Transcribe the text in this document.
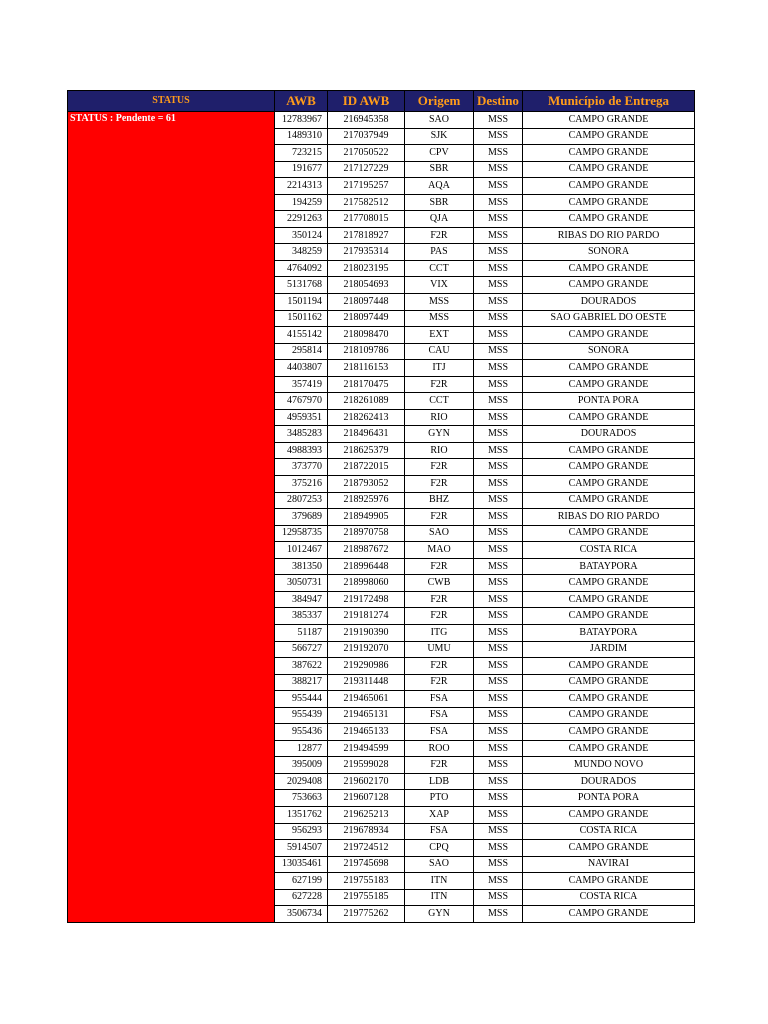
STATUS	AWB	ID AWB	Origem	Destino	Município de Entrega
STATUS : Pendente = 61	12783967	216945358	SAO	MSS	CAMPO GRANDE
	1489310	217037949	SJK	MSS	CAMPO GRANDE
	723215	217050522	CPV	MSS	CAMPO GRANDE
	191677	217127229	SBR	MSS	CAMPO GRANDE
	2214313	217195257	AQA	MSS	CAMPO GRANDE
	194259	217582512	SBR	MSS	CAMPO GRANDE
	2291263	217708015	QJA	MSS	CAMPO GRANDE
	350124	217818927	F2R	MSS	RIBAS DO RIO PARDO
	348259	217935314	PAS	MSS	SONORA
	4764092	218023195	CCT	MSS	CAMPO GRANDE
	5131768	218054693	VIX	MSS	CAMPO GRANDE
	1501194	218097448	MSS	MSS	DOURADOS
	1501162	218097449	MSS	MSS	SAO GABRIEL DO OESTE
	4155142	218098470	EXT	MSS	CAMPO GRANDE
	295814	218109786	CAU	MSS	SONORA
	4403807	218116153	ITJ	MSS	CAMPO GRANDE
	357419	218170475	F2R	MSS	CAMPO GRANDE
	4767970	218261089	CCT	MSS	PONTA PORA
	4959351	218262413	RIO	MSS	CAMPO GRANDE
	3485283	218496431	GYN	MSS	DOURADOS
	4988393	218625379	RIO	MSS	CAMPO GRANDE
	373770	218722015	F2R	MSS	CAMPO GRANDE
	375216	218793052	F2R	MSS	CAMPO GRANDE
	2807253	218925976	BHZ	MSS	CAMPO GRANDE
	379689	218949905	F2R	MSS	RIBAS DO RIO PARDO
	12958735	218970758	SAO	MSS	CAMPO GRANDE
	1012467	218987672	MAO	MSS	COSTA RICA
	381350	218996448	F2R	MSS	BATAYPORA
	3050731	218998060	CWB	MSS	CAMPO GRANDE
	384947	219172498	F2R	MSS	CAMPO GRANDE
	385337	219181274	F2R	MSS	CAMPO GRANDE
	51187	219190390	ITG	MSS	BATAYPORA
	566727	219192070	UMU	MSS	JARDIM
	387622	219290986	F2R	MSS	CAMPO GRANDE
	388217	219311448	F2R	MSS	CAMPO GRANDE
	955444	219465061	FSA	MSS	CAMPO GRANDE
	955439	219465131	FSA	MSS	CAMPO GRANDE
	955436	219465133	FSA	MSS	CAMPO GRANDE
	12877	219494599	ROO	MSS	CAMPO GRANDE
	395009	219599028	F2R	MSS	MUNDO NOVO
	2029408	219602170	LDB	MSS	DOURADOS
	753663	219607128	PTO	MSS	PONTA PORA
	1351762	219625213	XAP	MSS	CAMPO GRANDE
	956293	219678934	FSA	MSS	COSTA RICA
	5914507	219724512	CPQ	MSS	CAMPO GRANDE
	13035461	219745698	SAO	MSS	NAVIRAI
	627199	219755183	ITN	MSS	CAMPO GRANDE
	627228	219755185	ITN	MSS	COSTA RICA
	3506734	219775262	GYN	MSS	CAMPO GRANDE
